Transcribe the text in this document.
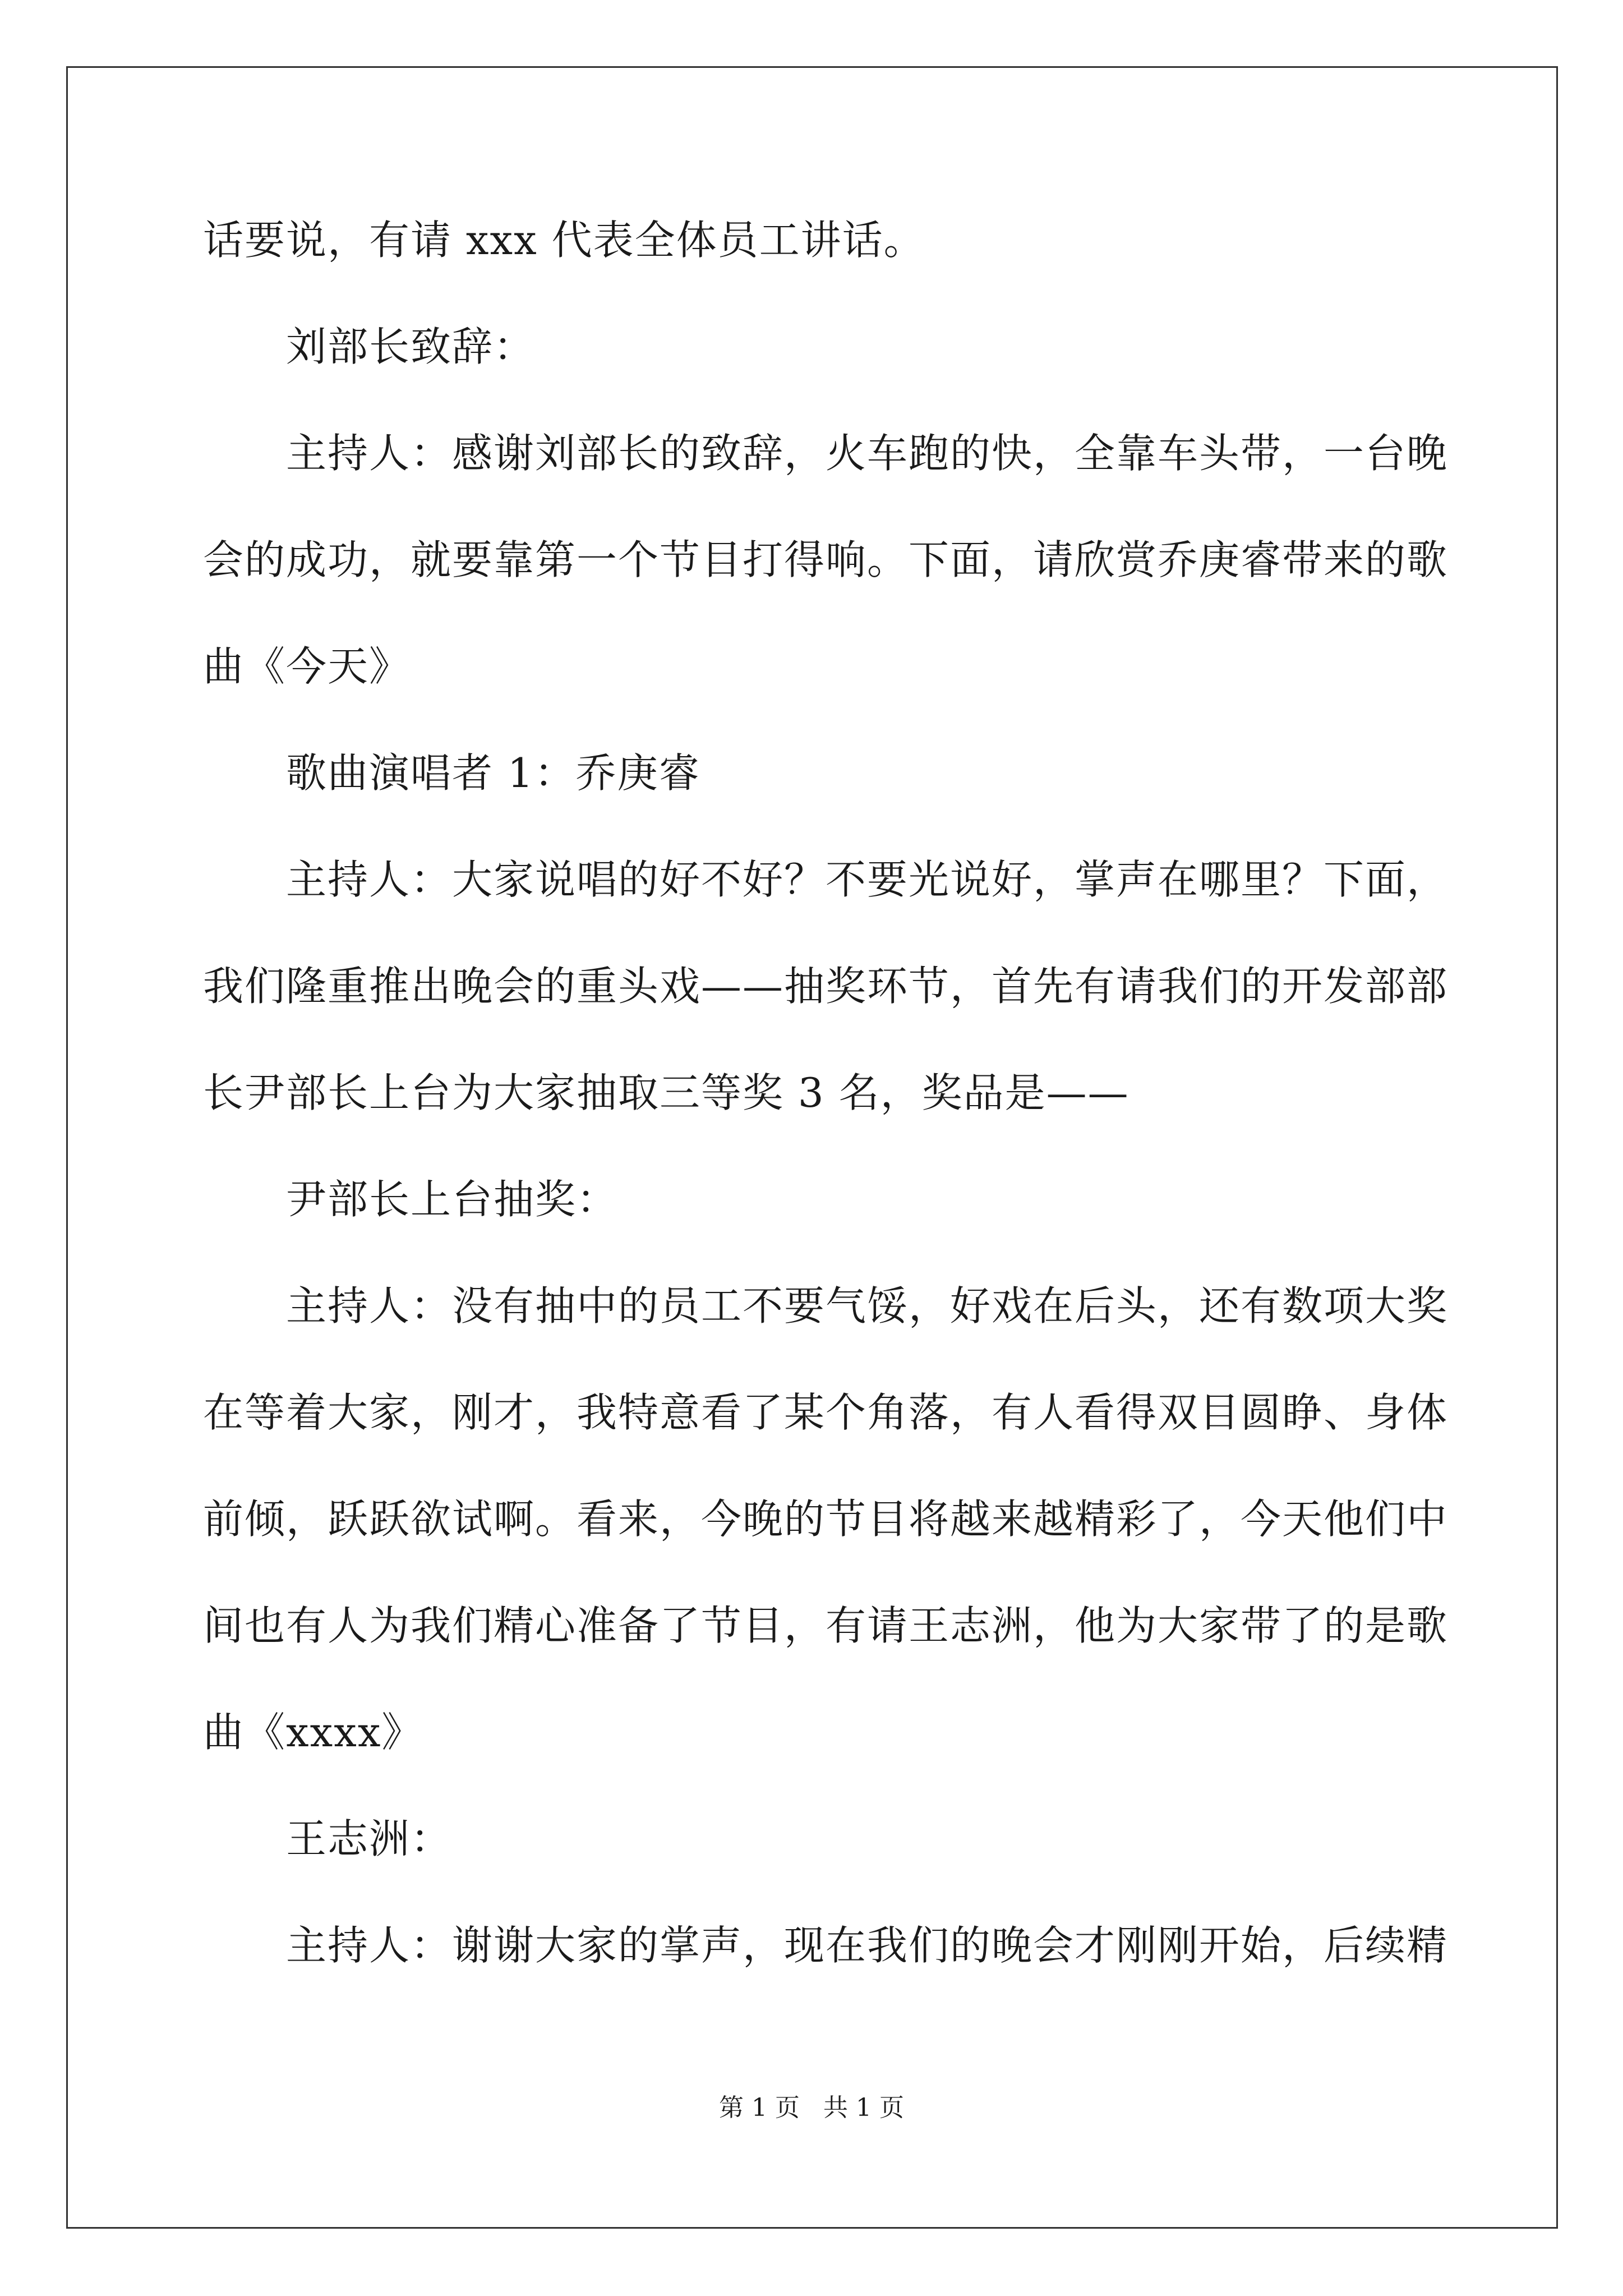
话要说，有请 xxx 代表全体员工讲话。
刘部长致辞：
主持人：感谢刘部长的致辞，火车跑的快，全靠车头带，一台晚
会的成功，就要靠第一个节目打得响。下面，请欣赏乔庚睿带来的歌
曲《今天》
歌曲演唱者 1：乔庚睿
主持人：大家说唱的好不好？不要光说好，掌声在哪里？下面，
我们隆重推出晚会的重头戏——抽奖环节，首先有请我们的开发部部
长尹部长上台为大家抽取三等奖 3 名，奖品是——
尹部长上台抽奖：
主持人：没有抽中的员工不要气馁，好戏在后头，还有数项大奖
在等着大家，刚才，我特意看了某个角落，有人看得双目圆睁、身体
前倾，跃跃欲试啊。看来，今晚的节目将越来越精彩了，今天他们中
间也有人为我们精心准备了节目，有请王志洲，他为大家带了的是歌
曲《xxxx》
王志洲：
主持人：谢谢大家的掌声，现在我们的晚会才刚刚开始，后续精
第 1 页 共 1 页
